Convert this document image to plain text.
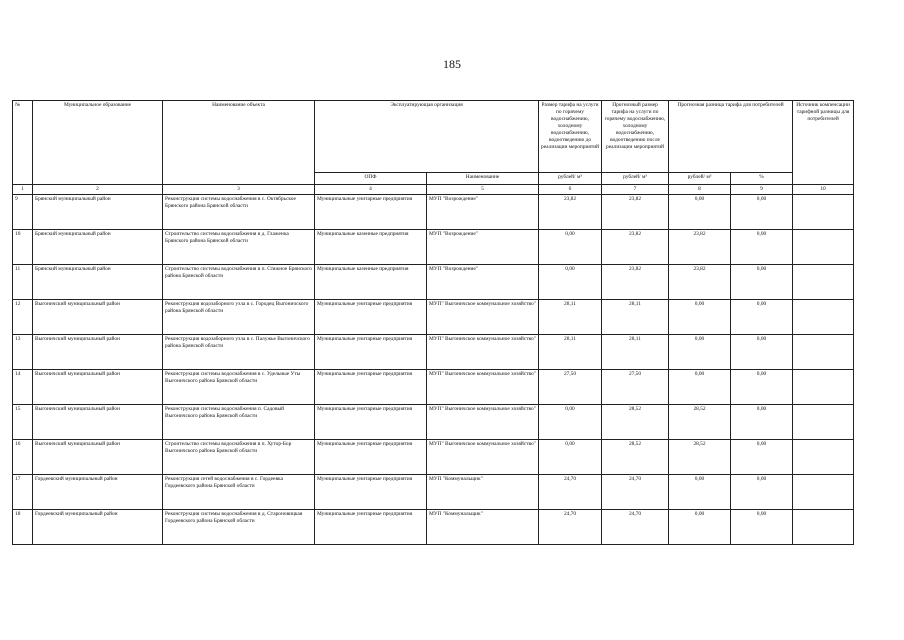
185
№	Муниципальное образование	Наименование объекта	Эксплуатирующая организация		Размер тарифа на услуги по горячему водоснабжению, холодному водоснабжению, водоотведению до реализации мероприятий	Прогнозный размер тарифа на услуги по горячему водоснабжению, холодному водоснабжению, водоотведению после реализации мероприятий	Прогнозная разница тарифа для потребителей		Источник компенсации тарифной разницы для потребителей
			ОПФ	Наименование	рублей/ м³	рублей/ м³	рублей/ м³	%	
1	2	3	4	5	6	7	8	9	10
9	Брянский муниципальный район	Реконструкция системы водоснабжения в с. Октябрьское Брянского района Брянской области	Муниципальные унитарные предприятия	МУП "Возрождение"	23,82	23,82	0,00	0,00	
10	Брянский муниципальный район	Строительство системы водоснабжения в д. Глаженка Брянского района Брянской области	Муниципальные казенные предприятия	МУП "Возрождение"	0,00	23,82	23,82	0,00	
11	Брянский муниципальный район	Строительство системы водоснабжения в п. Стяжное Брянского района Брянской области	Муниципальные казенные предприятия	МУП "Возрождение"	0,00	23,82	23,82	0,00	
12	Выгоничский муниципальный район	Реконструкция водозаборного узла в с. Городец Выгоничского района Брянской области	Муниципальные унитарные предприятия	МУП" Выгоничское коммунальное хозяйство"	28,11	28,11	0,00	0,00	
13	Выгоничский муниципальный район	Реконструкция водозаборного узла в с. Палужье Выгоничского района Брянской области	Муниципальные унитарные предприятия	МУП" Выгоничское коммунальное хозяйство"	28,11	28,11	0,00	0,00	
14	Выгоничский муниципальный район	Реконструкция системы водоснабжения в с. Удельные Уты Выгоничского района Брянской области	Муниципальные унитарные предприятия	МУП" Выгоничское коммунальное хозяйство"	27,50	27,50	0,00	0,00	
15	Выгоничский муниципальный район	Реконструкция системы водоснабжения п. Садовый Выгоничского района Брянской области	Муниципальные унитарные предприятия	МУП" Выгоничское коммунальное хозяйство"	0,00	28,52	28,52	0,00	
16	Выгоничский муниципальный район	Строительство системы водоснабжения в п. Хутор-Бор Выгоничского района Брянской области	Муниципальные унитарные предприятия	МУП" Выгоничское коммунальное хозяйство"	0,00	28,52	28,52	0,00	
17	Гордеевский муниципальный район	Реконструкция сетей водоснабжения в с. Гордеевка Гордеевского района Брянской области	Муниципальные унитарные предприятия	МУП "Коммунальщик"	24,70	24,70	0,00	0,00	
18	Гордеевский муниципальный район	Реконструкция системы водоснабжения в д. Староновицкая Гордеевского района Брянской области	Муниципальные унитарные предприятия	МУП "Коммунальщик"	24,70	24,70	0,00	0,00	
